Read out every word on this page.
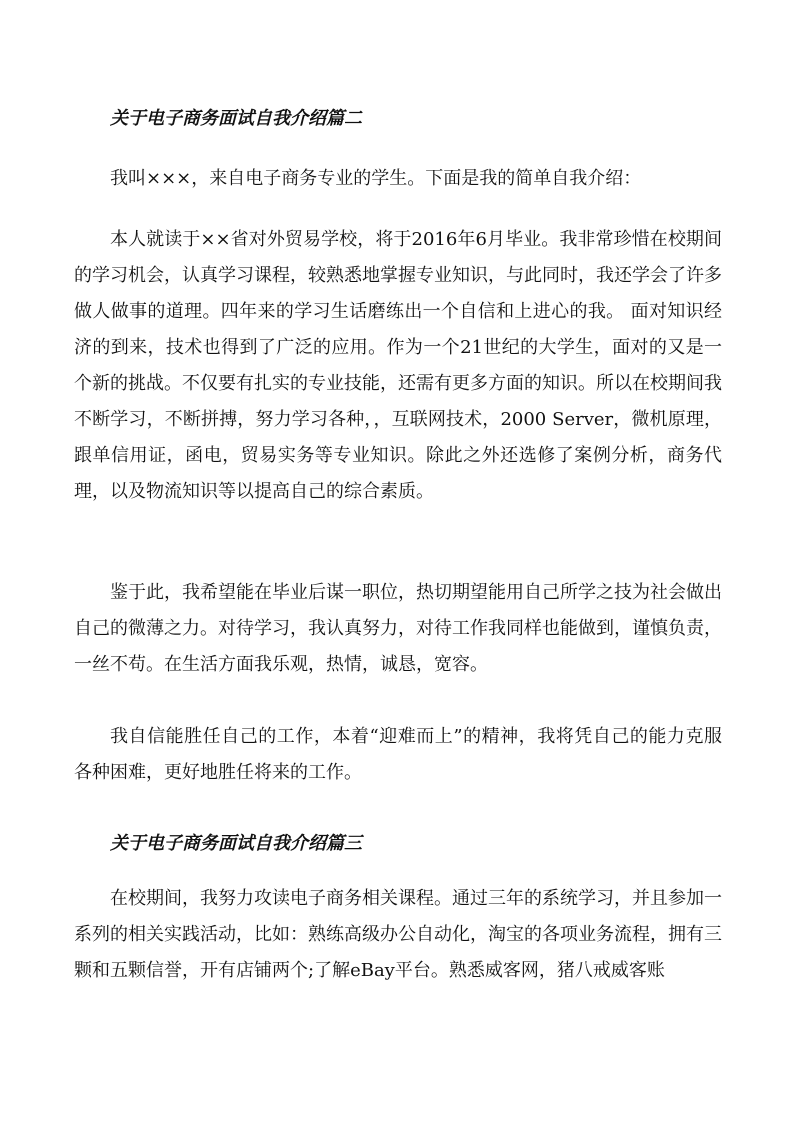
关于电子商务面试自我介绍篇二

我叫×××，来自电子商务专业的学生。下面是我的简单自我介绍：

本人就读于××省对外贸易学校，将于2016年6月毕业。我非常珍惜在校期间的学习机会，认真学习课程，较熟悉地掌握专业知识，与此同时，我还学会了许多做人做事的道理。四年来的学习生话磨练出一个自信和上进心的我。 面对知识经济的到来，技术也得到了广泛的应用。作为一个21世纪的大学生，面对的又是一个新的挑战。不仅要有扎实的专业技能，还需有更多方面的知识。所以在校期间我不断学习，不断拼搏，努力学习各种，，互联网技术，2000 Server，微机原理，跟单信用证，函电，贸易实务等专业知识。除此之外还选修了案例分析，商务代理，以及物流知识等以提高自己的综合素质。

鉴于此，我希望能在毕业后谋一职位，热切期望能用自己所学之技为社会做出自己的微薄之力。对待学习，我认真努力，对待工作我同样也能做到，谨慎负责，一丝不苟。在生活方面我乐观，热情，诚恳，宽容。

我自信能胜任自己的工作，本着“迎难而上”的精神，我将凭自己的能力克服各种困难，更好地胜任将来的工作。

关于电子商务面试自我介绍篇三

在校期间，我努力攻读电子商务相关课程。通过三年的系统学习，并且参加一系列的相关实践活动，比如：熟练高级办公自动化，淘宝的各项业务流程，拥有三颗和五颗信誉，开有店铺两个;了解eBay平台。熟悉威客网，猪八戒威客账
